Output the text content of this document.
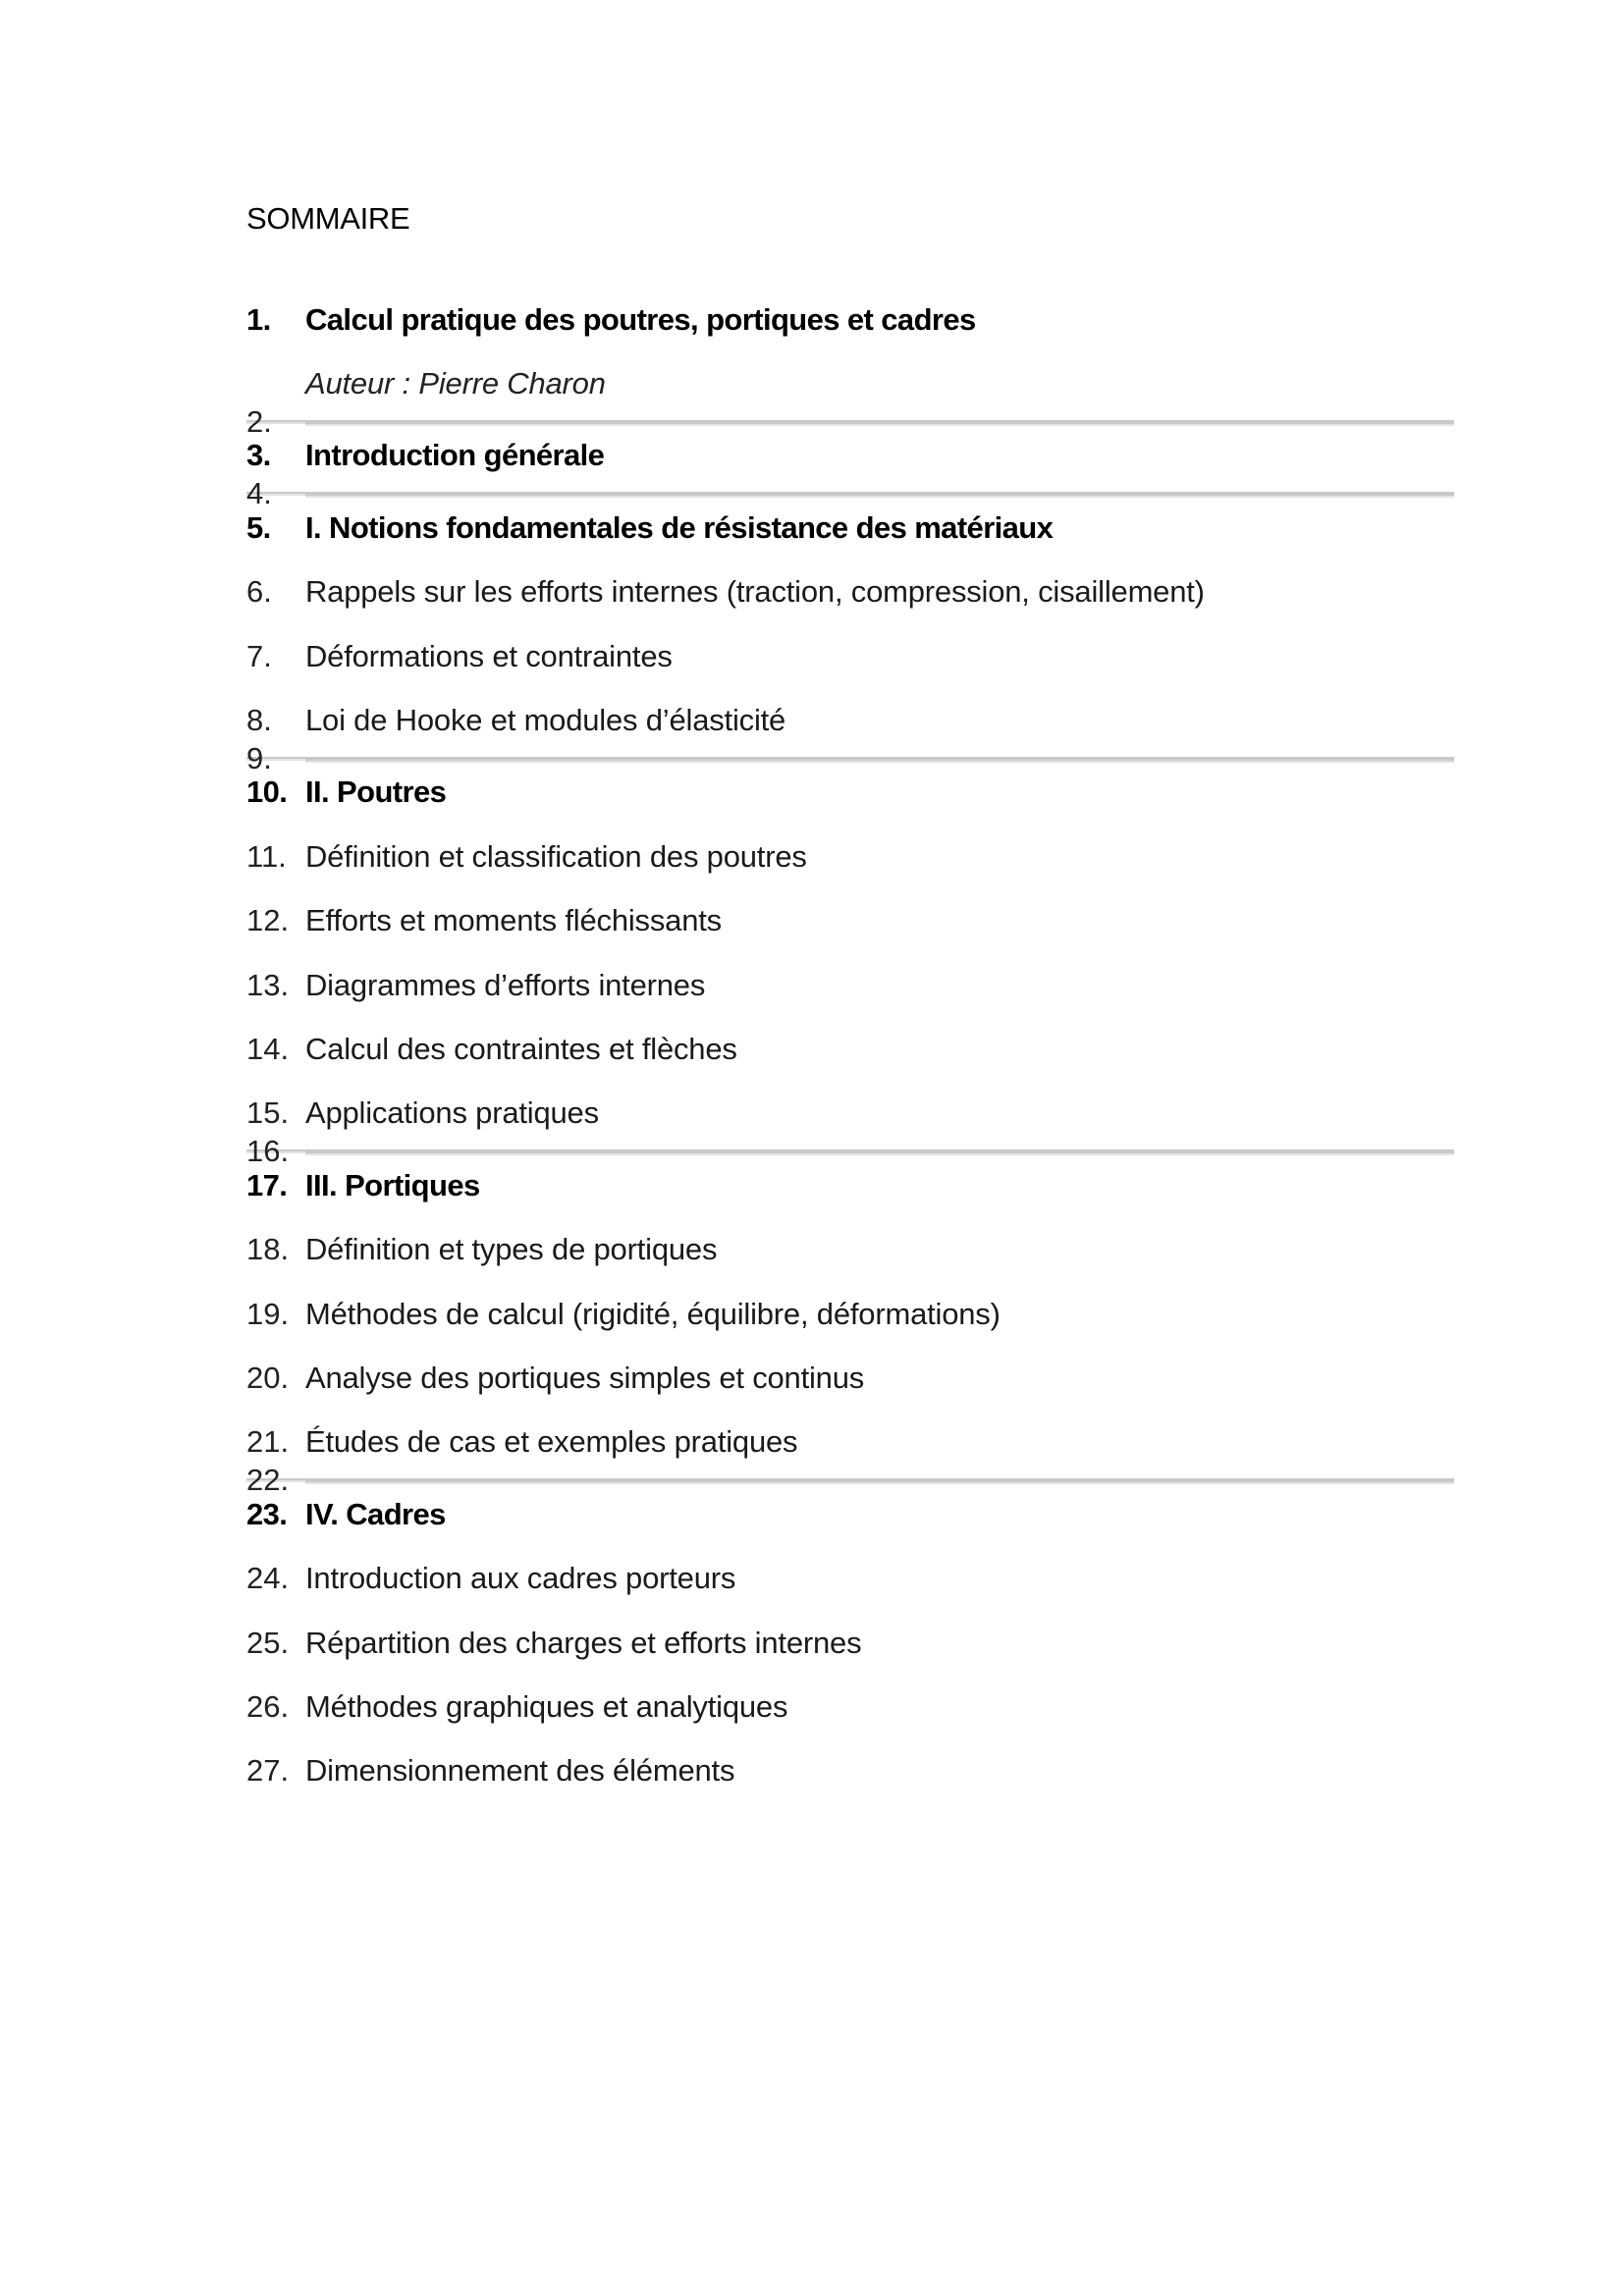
SOMMAIRE
1.	Calcul pratique des poutres, portiques et cadres
Auteur : Pierre Charon
2.
3.	Introduction générale
4.
5.	I. Notions fondamentales de résistance des matériaux
6.	Rappels sur les efforts internes (traction, compression, cisaillement)
7.	Déformations et contraintes
8.	Loi de Hooke et modules d’élasticité
9.
10. II. Poutres
11. Définition et classification des poutres
12. Efforts et moments fléchissants
13. Diagrammes d’efforts internes
14. Calcul des contraintes et flèches
15. Applications pratiques
16.
17. III. Portiques
18. Définition et types de portiques
19. Méthodes de calcul (rigidité, équilibre, déformations)
20. Analyse des portiques simples et continus
21. Études de cas et exemples pratiques
22.
23. IV. Cadres
24. Introduction aux cadres porteurs
25. Répartition des charges et efforts internes
26. Méthodes graphiques et analytiques
27. Dimensionnement des éléments
